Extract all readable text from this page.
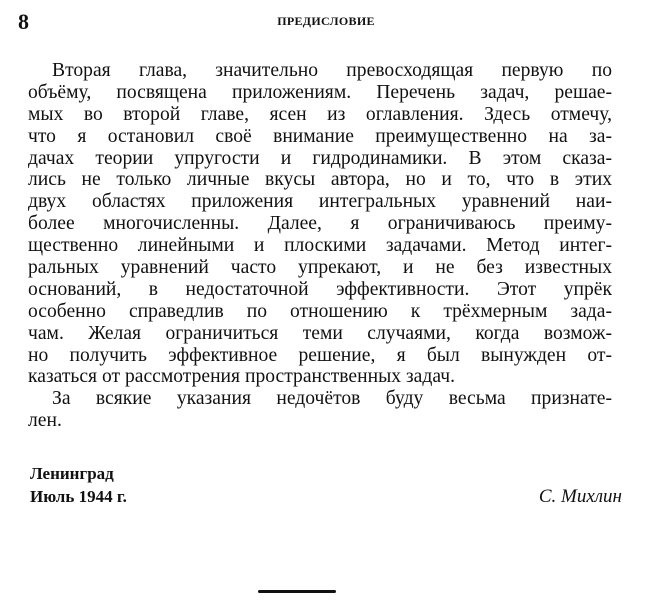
8	ПРЕДИСЛОВИЕ
Вторая глава, значительно превосходящая первую по
объёму, посвящена приложениям. Перечень задач, решае-
мых во второй главе, ясен из оглавления. Здесь отмечу,
что я остановил своё внимание преимущественно на за-
дачах теории упругости и гидродинамики. В этом сказа-
лись не только личные вкусы автора, но и то, что в этих
двух областях приложения интегральных уравнений наи-
более многочисленны. Далее, я ограничиваюсь преиму-
щественно линейными и плоскими задачами. Метод интег-
ральных уравнений часто упрекают, и не без известных
оснований, в недостаточной эффективности. Этот упрёк
особенно справедлив по отношению к трёхмерным зада-
чам. Желая ограничиться теми случаями, когда возмож-
но получить эффективное решение, я был вынужден от-
казаться от рассмотрения пространственных задач.
За всякие указания недочётов буду весьма признате-
лен.
Ленинград
Июль 1944 г.	С. Михлин
